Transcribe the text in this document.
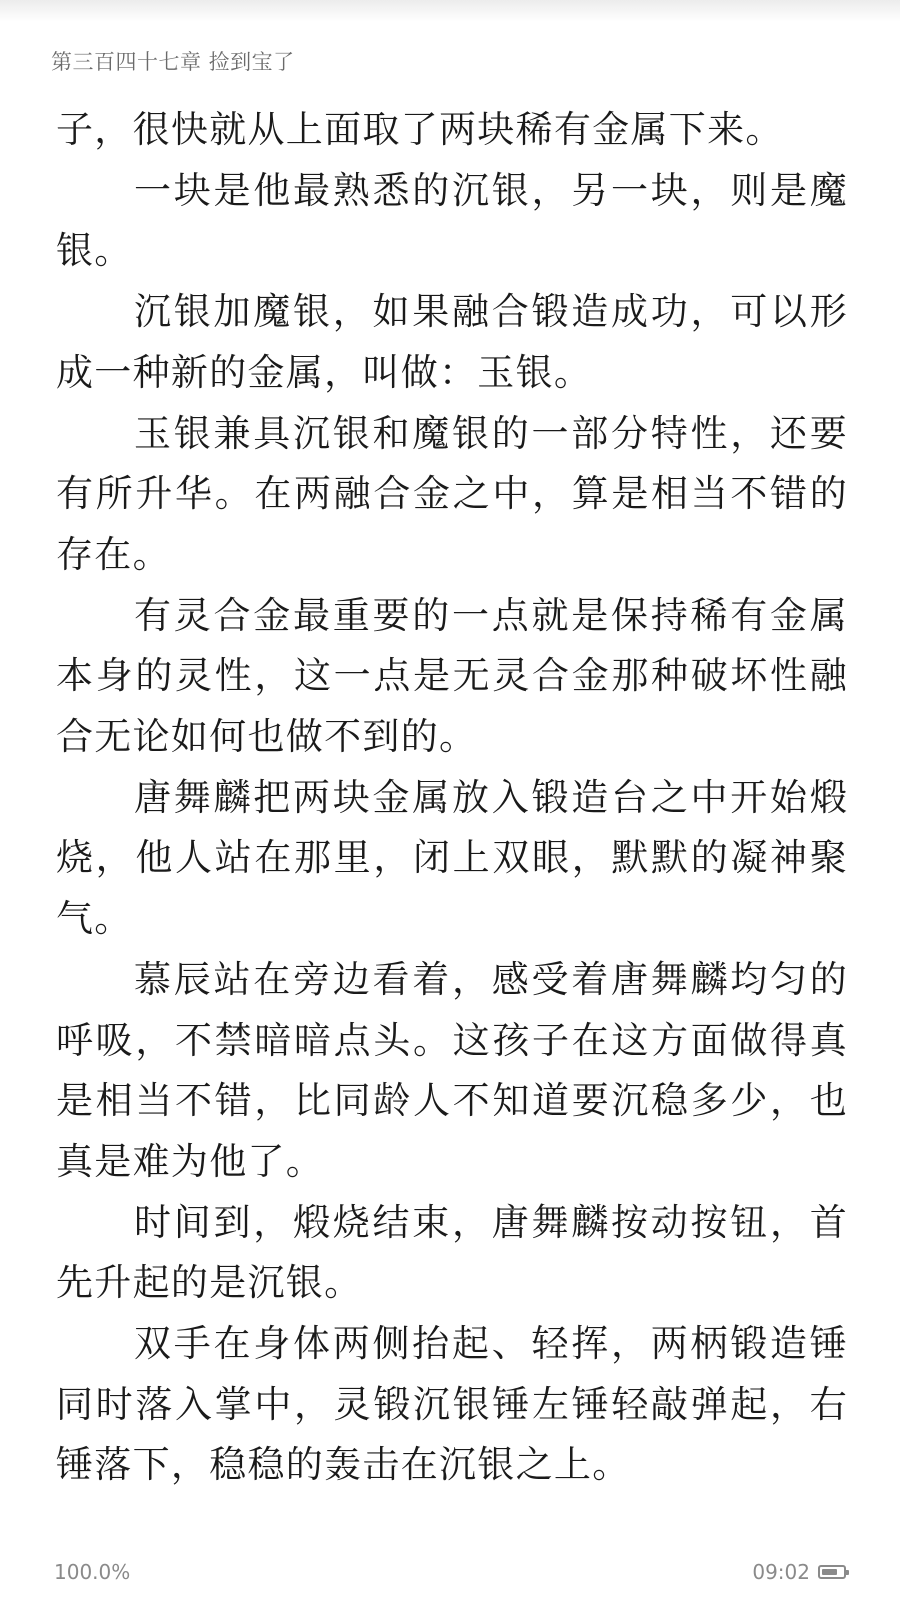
第三百四十七章 捡到宝了

子，很快就从上面取了两块稀有金属下来。

一块是他最熟悉的沉银，另一块，则是魔银。

沉银加魔银，如果融合锻造成功，可以形成一种新的金属，叫做：玉银。

玉银兼具沉银和魔银的一部分特性，还要有所升华。在两融合金之中，算是相当不错的存在。

有灵合金最重要的一点就是保持稀有金属本身的灵性，这一点是无灵合金那种破坏性融合无论如何也做不到的。

唐舞麟把两块金属放入锻造台之中开始煅烧，他人站在那里，闭上双眼，默默的凝神聚气。

慕辰站在旁边看着，感受着唐舞麟均匀的呼吸，不禁暗暗点头。这孩子在这方面做得真是相当不错，比同龄人不知道要沉稳多少，也真是难为他了。

时间到，煅烧结束，唐舞麟按动按钮，首先升起的是沉银。

双手在身体两侧抬起、轻挥，两柄锻造锤同时落入掌中，灵锻沉银锤左锤轻敲弹起，右锤落下，稳稳的轰击在沉银之上。

100.0%	09:02
